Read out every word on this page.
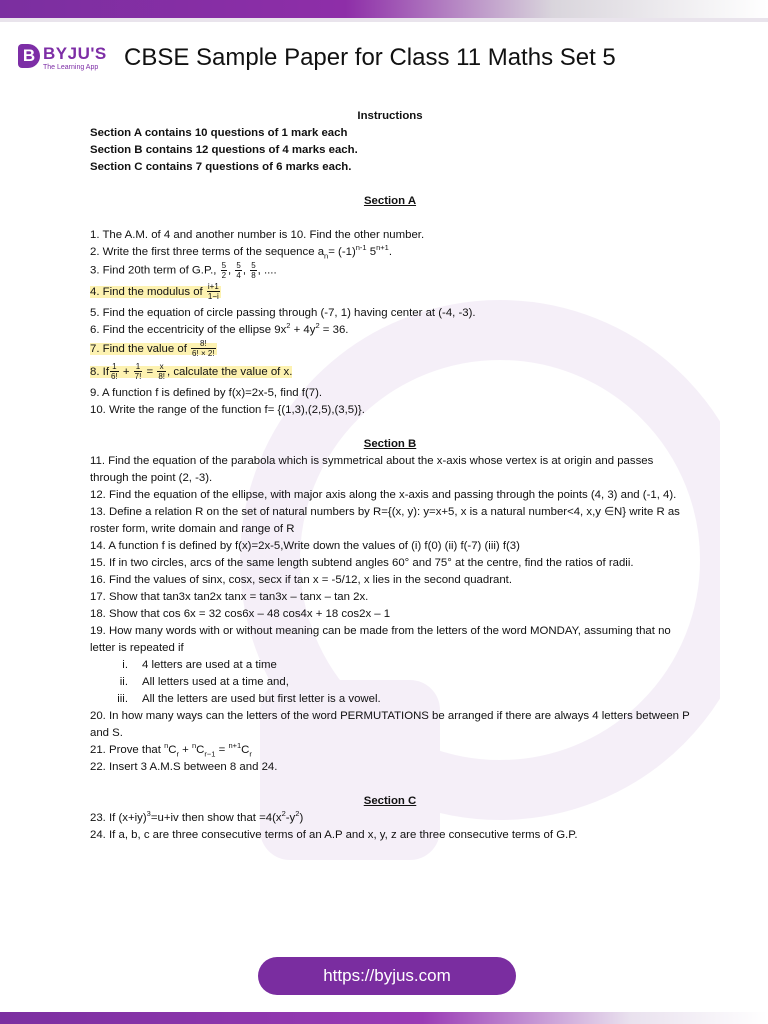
B BYJU'S
The Learning App CBSE Sample Paper for Class 11 Maths Set 5
Instructions
Section A contains 10 questions of 1 mark each
Section B contains 12 questions of 4 marks each.
Section C contains 7 questions of 6 marks each.
Section A
1. The A.M. of 4 and another number is 10. Find the other number.
2. Write the first three terms of the sequence $a_n= (-1)^{n-1}$ $5^{n+1}$.
3. Find 20th term of G.P., $\frac{5}{2}$ , $\frac{5}{4}$ , $\frac{5}{8}$ , ....
4. Find the modulus of $\frac{i+1}{1-i}$
5. Find the equation of circle passing through (-7, 1) having center at (-4, -3).
6. Find the eccentricity of the ellipse $9x^2 + 4y^2 = 36$.
7. Find the value of $\frac{8!}{6! \times 2!}$
8. If $\frac{1}{6!} + \frac{1}{7!} = \frac{x}{8!}$ , calculate the value of x.
9. A function f is defined by f(x)=2x-5, find f(7).
10. Write the range of the function f= {(1,3),(2,5),(3,5)}.
Section B
11. Find the equation of the parabola which is symmetrical about the x-axis whose vertex is at origin and passes through the point (2, -3).
12. Find the equation of the ellipse, with major axis along the x-axis and passing through the points (4, 3) and (-1, 4).
13. Define a relation R on the set of natural numbers by R={(x, y): y=x+5, x is a natural number<4, x,y ∈N} write R as roster form, write domain and range of R
14. A function f is defined by f(x)=2x-5,Write down the values of (i) f(0) (ii) f(-7) (iii) f(3)
15. If in two circles, arcs of the same length subtend angles 60° and 75° at the centre, find the ratios of radii.
16. Find the values of sinx, cosx, secx if tan x = -5/12, x lies in the second quadrant.
17. Show that tan3x tan2x tanx = tan3x – tanx – tan 2x.
18. Show that cos 6x = 32 cos6x – 48 cos4x + 18 cos2x – 1
19. How many words with or without meaning can be made from the letters of the word MONDAY, assuming that no letter is repeated if
i. 4 letters are used at a time
ii. All letters used at a time and,
iii. All the letters are used but first letter is a vowel.
20. In how many ways can the letters of the word PERMUTATIONS be arranged if there are always 4 letters between P and S.
21. Prove that $^nC_r + ^nC_{r-1} = ^{n+1}C_r$
22. Insert 3 A.M.S between 8 and 24.
Section C
23. If $(x+iy)^3=u+iv$ then show that $=4(x^2-y^2)$
24. If a, b, c are three consecutive terms of an A.P and x, y, z are three consecutive terms of G.P.
https://byjus.com
